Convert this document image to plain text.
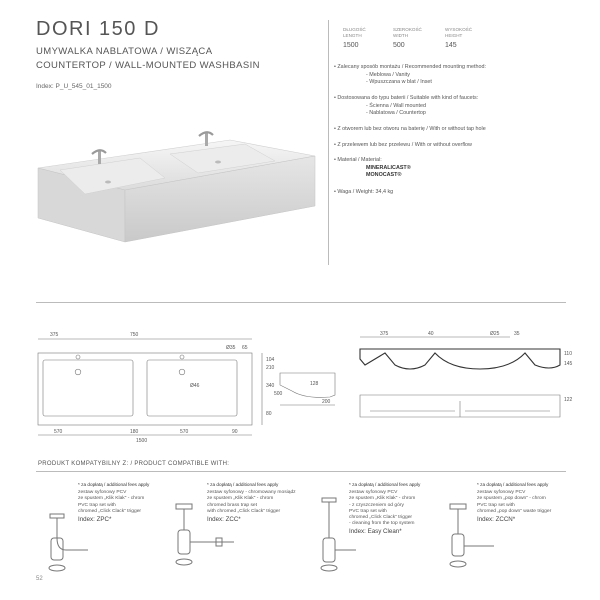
DORI 150 D
UMYWALKA NABLATOWA / WISZĄCA
COUNTERTOP / WALL-MOUNTED WASHBASIN
Index: P_U_545_01_1500
DŁUGOŚĆ
LENGTH
1500
SZEROKOŚĆ
WIDTH
500
WYSOKOŚĆ
HEIGHT
145
• Zalecany sposób montażu / Recommended mounting method:
- Meblowa / Vanity
- Wpuszczana w blat / Inset
• Dostosowana do typu baterii / Suitable with kind of faucets:
- Ścienna / Wall mounted
- Nablatowa / Countertop
• Z otworem lub bez otworu na baterię / With or without tap hole
• Z przelewem lub bez przelewu / With or without overflow
• Materiał / Material:
MINERALICAST®
MONOCAST®
• Waga / Weight: 34,4 kg
375	750
Ø35 65
104
210
340
500
80
Ø46
570	180	570	90
1500
128
200
375	40	Ø25	35
110
145
122
PRODUKT KOMPATYBILNY Z: / PRODUCT COMPATIBLE WITH:
* za dopłatą / additional fees apply
zestaw syfonowy PCV
ze spustem „Klik Klak” - chrom
PVC trap set with
chromed „Click Clack” trigger
Index: ZPC*
* za dopłatą / additional fees apply
zestaw syfonowy - chromowany mosiądz
ze spustem „Klik Klak” - chrom
chromed brass trap set
with chromed „Click Clack” trigger
Index: ZCC*
* za dopłatą / additional fees apply
zestaw syfonowy PCV
ze spustem „Klik Klak” - chrom
- z czyszczeniem od góry
PVC trap set with
chromed „Click Clack” trigger
- cleaning from the top system
Index: Easy Clean*
* za dopłatą / additional fees apply
zestaw syfonowy PCV
ze spustem „pop down” - chrom
PVC trap set with
chromed „pop down” waste trigger
Index: ZCCN*
52
